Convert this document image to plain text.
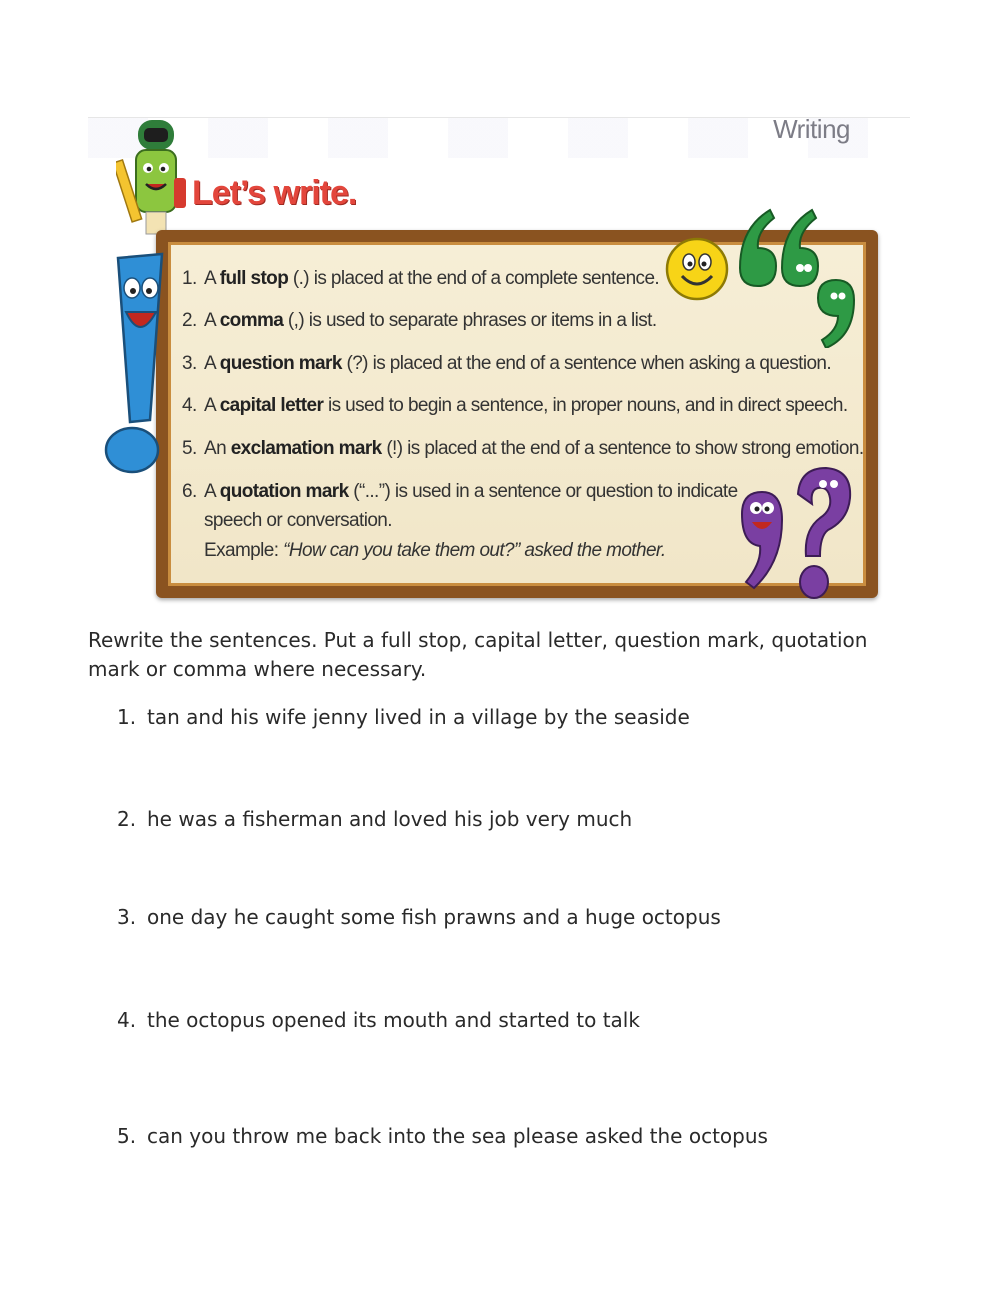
Writing
Let’s write.
1. A full stop (.) is placed at the end of a complete sentence.
2. A comma (,) is used to separate phrases or items in a list.
3. A question mark (?) is placed at the end of a sentence when asking a question.
4. A capital letter is used to begin a sentence, in proper nouns, and in direct speech.
5. An exclamation mark (!) is placed at the end of a sentence to show strong emotion.
6. A quotation mark (“...”) is used in a sentence or question to indicate
speech or conversation.
Example: “How can you take them out?” asked the mother.
Rewrite the sentences. Put a full stop, capital letter, question mark, quotation mark or comma where necessary.
1. tan and his wife jenny lived in a village by the seaside
2. he was a fisherman and loved his job very much
3. one day he caught some fish prawns and a huge octopus
4. the octopus opened its mouth and started to talk
5. can you throw me back into the sea please asked the octopus
